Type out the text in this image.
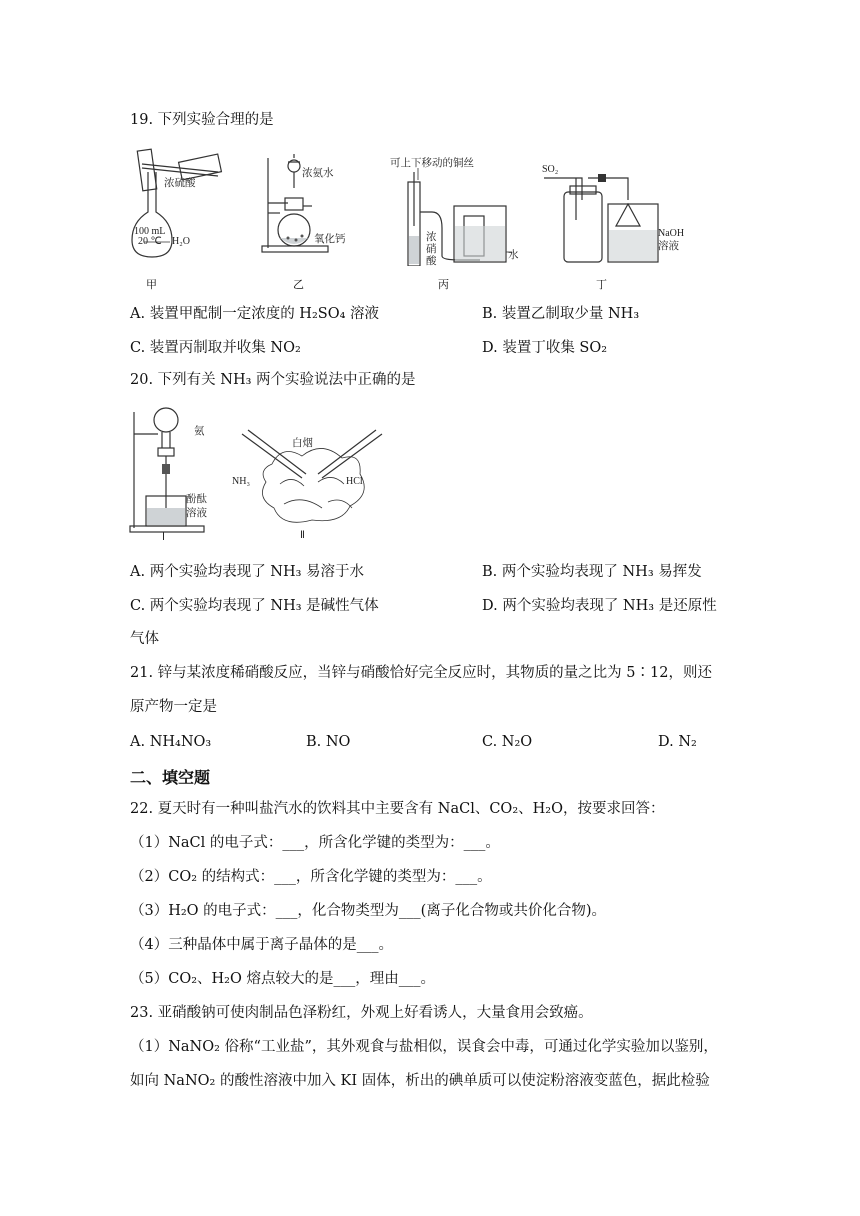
19. 下列实验合理的是
浓硫酸
100 mL
20 ℃ H₂O
甲
浓氨水
氧化钙
乙
可上下移动的铜丝
浓
硝
酸	水
丙
SO₂
NaOH
溶液
丁
A. 装置甲配制一定浓度的 H₂SO₄ 溶液	B. 装置乙制取少量 NH₃
C. 装置丙制取并收集 NO₂	D. 装置丁收集 SO₂
20. 下列有关 NH₃ 两个实验说法中正确的是
氨
酚酞
溶液
Ⅰ
白烟
NH₃	HCl
Ⅱ
A. 两个实验均表现了 NH₃ 易溶于水	B. 两个实验均表现了 NH₃ 易挥发
C. 两个实验均表现了 NH₃ 是碱性气体	D. 两个实验均表现了 NH₃ 是还原性
气体
21. 锌与某浓度稀硝酸反应，当锌与硝酸恰好完全反应时，其物质的量之比为 5∶12，则还
原产物一定是
A. NH₄NO₃	B. NO	C. N₂O	D. N₂
二、填空题
22. 夏天时有一种叫盐汽水的饮料其中主要含有 NaCl、CO₂、H₂O，按要求回答：
（1）NaCl 的电子式：___，所含化学键的类型为：___。
（2）CO₂ 的结构式：___，所含化学键的类型为：___。
（3）H₂O 的电子式：___，化合物类型为___(离子化合物或共价化合物)。
（4）三种晶体中属于离子晶体的是___。
（5）CO₂、H₂O 熔点较大的是___，理由___。
23. 亚硝酸钠可使肉制品色泽粉红，外观上好看诱人，大量食用会致癌。
（1）NaNO₂ 俗称“工业盐”，其外观食与盐相似，误食会中毒，可通过化学实验加以鉴别，
如向 NaNO₂ 的酸性溶液中加入 KI 固体，析出的碘单质可以使淀粉溶液变蓝色，据此检验
